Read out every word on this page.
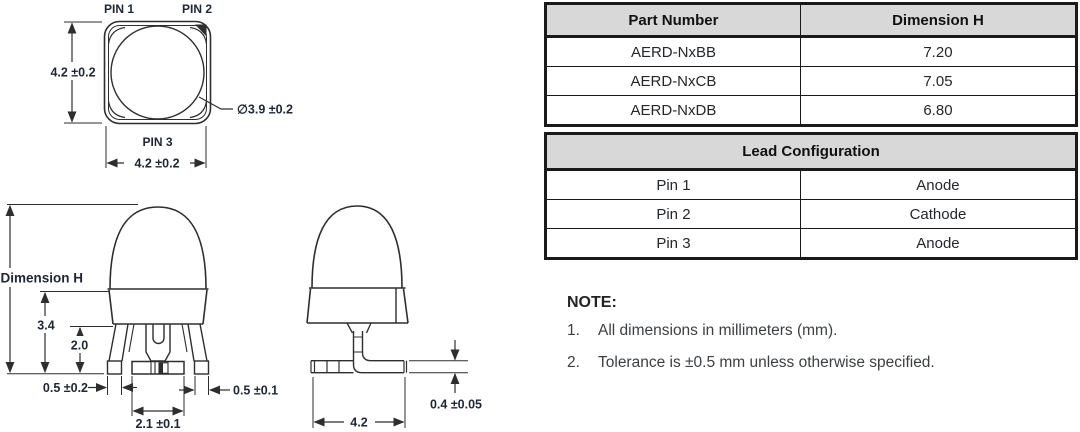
PIN 1	PIN 2
PIN 3
4.2 ±0.2
4.2 ±0.2
∅3.9 ±0.2
Dimension H
3.4
2.0
0.5 ±0.2
2.1 ±0.1
0.5 ±0.1
0.4 ±0.05
4.2
Part Number	Dimension H
AERD-NxBB	7.20
AERD-NxCB	7.05
AERD-NxDB	6.80
Lead Configuration	
Pin 1	Anode
Pin 2	Cathode
Pin 3	Anode

NOTE:

1.	All dimensions in millimeters (mm).
2.	Tolerance is ±0.5 mm unless otherwise specified.
